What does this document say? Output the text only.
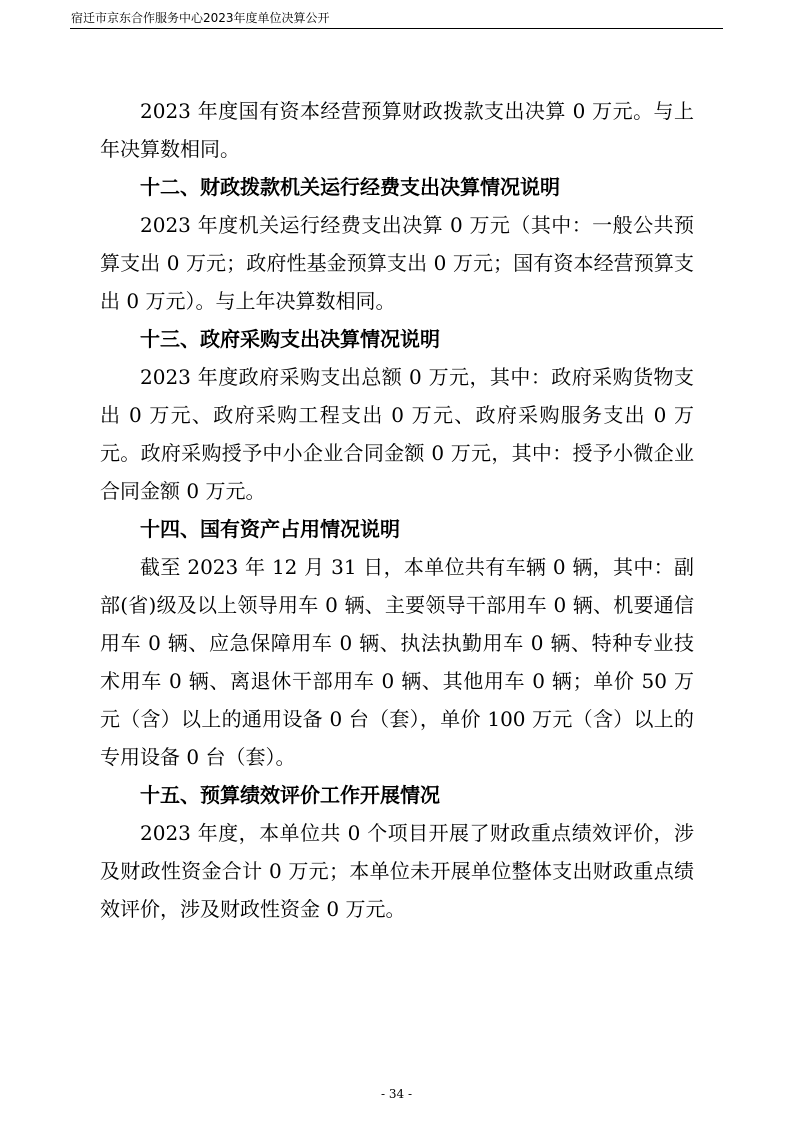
宿迁市京东合作服务中心2023年度单位决算公开

2023 年度国有资本经营预算财政拨款支出决算 0 万元。与上年决算数相同。

十二、财政拨款机关运行经费支出决算情况说明

2023 年度机关运行经费支出决算 0 万元（其中：一般公共预算支出 0 万元；政府性基金预算支出 0 万元；国有资本经营预算支出 0 万元）。与上年决算数相同。

十三、政府采购支出决算情况说明

2023 年度政府采购支出总额 0 万元，其中：政府采购货物支出 0 万元、政府采购工程支出 0 万元、政府采购服务支出 0 万元。政府采购授予中小企业合同金额 0 万元，其中：授予小微企业合同金额 0 万元。

十四、国有资产占用情况说明

截至 2023 年 12 月 31 日，本单位共有车辆 0 辆，其中：副部(省)级及以上领导用车 0 辆、主要领导干部用车 0 辆、机要通信用车 0 辆、应急保障用车 0 辆、执法执勤用车 0 辆、特种专业技术用车 0 辆、离退休干部用车 0 辆、其他用车 0 辆；单价 50 万元（含）以上的通用设备 0 台（套），单价 100 万元（含）以上的专用设备 0 台（套）。

十五、预算绩效评价工作开展情况

2023 年度，本单位共 0 个项目开展了财政重点绩效评价，涉及财政性资金合计 0 万元；本单位未开展单位整体支出财政重点绩效评价，涉及财政性资金 0 万元。

- 34 -
